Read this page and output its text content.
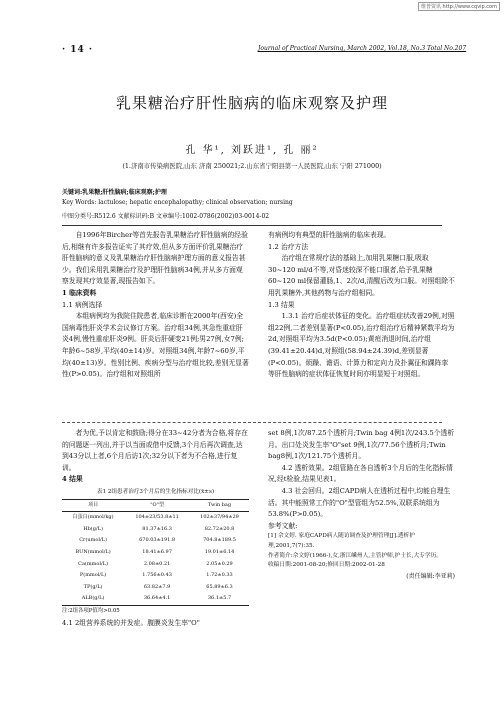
维普资讯 http://www.cqvip.com
· 14 ·	Journal of Practical Nursing, March 2002, Vol.18, No.3 Total No.207
乳果糖治疗肝性脑病的临床观察及护理
孔 华¹, 刘跃进¹, 孔 丽²
(1.济南市传染病医院,山东 济南 250021;2.山东省宁阳县第一人民医院,山东 宁阳 271000)
关键词:乳果糖;肝性脑病;临床观察;护理
Key Words: lactulose; hepatic encephalopathy; clinical observation; nursing
中图分类号:R512.6 文献标识码:B 文章编号:1002-0786(2002)03-0014-02

自1996年Bircher等首先报告乳果糖治疗肝性脑病的经验后,相继有许多报告证实了其疗效,但从多方面评价乳果糖治疗肝性脑病的意义及乳果糖治疗肝性脑病护理方面的意义报告甚少。我们采用乳果糖治疗及护理肝性脑病34例,并从多方面观察发现其疗效显著,现报告如下。

1 临床资料

1.1 病例选择

本组病例均为我院住院患者,临床诊断在2000年(西安)全国病毒性肝炎学术会议修订方案。治疗组34例,其急性重症肝炎4例,慢性重症肝炎9例。肝炎后肝硬变21例;男27例,女7例;年龄6~58岁,平均(40±14)岁。对照组34例,年龄7~60岁,平均(40±13)岁。性别比例、疾病分型与治疗组比较,差别无显著性(P>0.05)。治疗组和对照组所

有病例均有典型的肝性脑病的临床表现。

1.2 治疗方法

治疗组在常规疗法的基础上,加用乳果糖口服,吸取30~120 ml/d不等,对昏迷较深不能口服者,给予乳果糖60~120 ml保留灌肠,1、2次/d,清醒后改为口服。对照组除不用乳果糖外,其他药物与治疗组相同。

1.3 结果

1.3.1 治疗后症状体征的变化。治疗组症状改善29例,对照组22例,二者差别显著(P<0.05),治疗组治疗后精神紧数平均为2d,对照组平均为3.5d(P<0.05);黄疸消退时间,治疗组(39.41±20.44)d,对照组(58.94±24.39)d,差别显著(P<0.05)。烦躁、谵语、计算力和定向力及扑翼征和踝阵挛等肝性脑病的症状体征恢复时间亦明显短于对照组。

者为优,予以肯定和鼓励;得分在33~42分者为合格,将存在的问题逐一列出,并于以当面或借中反馈,3个月后再次调查,达到43分以上者,6个月后访1次;32分以下者为不合格,进行复训。

4 结果

表1 2组患者治疗3个月后的生化指标对比(x̄±s)
项目	"O"型	Twin bag
白蛋白(mmol/kg)	104±23/53.8±11	102±37/94±29
Hb(g/L)	81.37±16.3	82.72±20.8
Cr(umol/L)	670.03±191.8	704.8±189.5
BUN(mmol/L)	18.41±6.97	19.01±6.14
Ca(mmol/L)	2.08±0.21	2.05±0.29
P(mmol/L)	1.756±0.43	1.72±0.33
TP(g/L)	63.82±7.9	65.89±6.3
ALB(g/L)	36.64±4.1	36.1±5.7
注:2组各项P值均>0.05

4.1 2组营养系统的并发症。腹膜炎发生率"O"

set 8例,1次/87.25个透析月;Twin bag 4例1次/243.5个透析月。出口处炎发生率"O"set 9例,1次/77.56个透析月;Twin bag8例,1次/121.75个透析月。

4.2 透析效果。2组管路在各自透析3个月后的生化指标情况,经t检验,结果见表1。

4.3 社会回归。2组CAPD病人在透析过程中,均能自理生活。其中能照常工作的"O"型管组为52.5%,双联系统组为53.8%(P>0.05)。

参考文献:

[1] 佘文婷. 家庭CAPD病人随访调查及护理管理[J].透析护理,2001,7(7):35.
作者简介:佘文婷(1966-),女,浙江嵊州人,主管护师,护士长,大专学历。
收稿日期:2001-08-20;修回日期:2002-01-28
(责任编辑:李亚莉)
